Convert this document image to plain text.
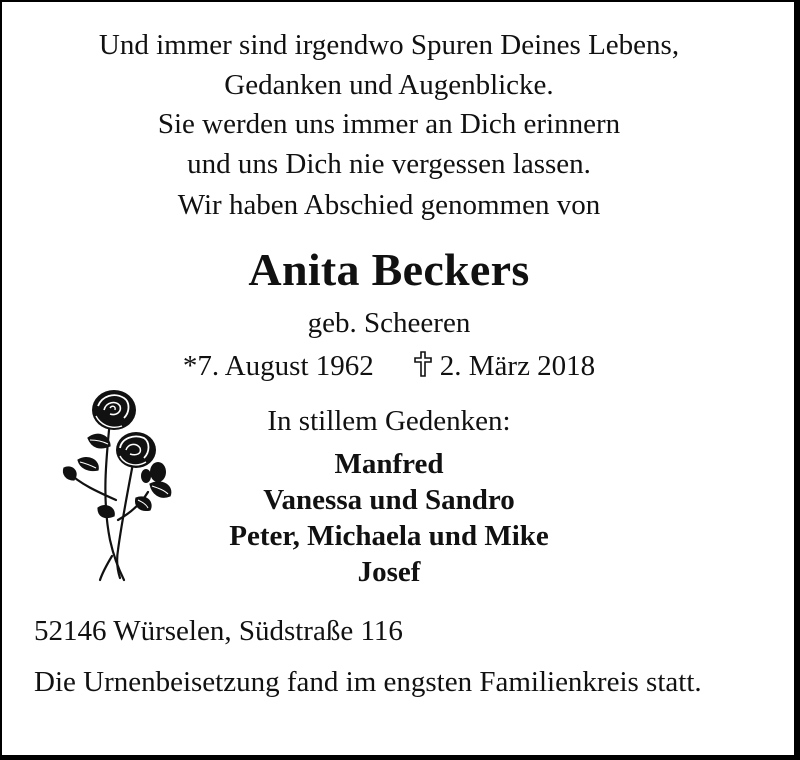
Und immer sind irgendwo Spuren Deines Lebens,
Gedanken und Augenblicke.
Sie werden uns immer an Dich erinnern
und uns Dich nie vergessen lassen.
Wir haben Abschied genommen von
Anita Beckers
geb. Scheeren
*7. August 1962 2. März 2018
In stillem Gedenken:
Manfred
Vanessa und Sandro
Peter, Michaela und Mike
Josef
52146 Würselen, Südstraße 116
Die Urnenbeisetzung fand im engsten Familienkreis statt.
